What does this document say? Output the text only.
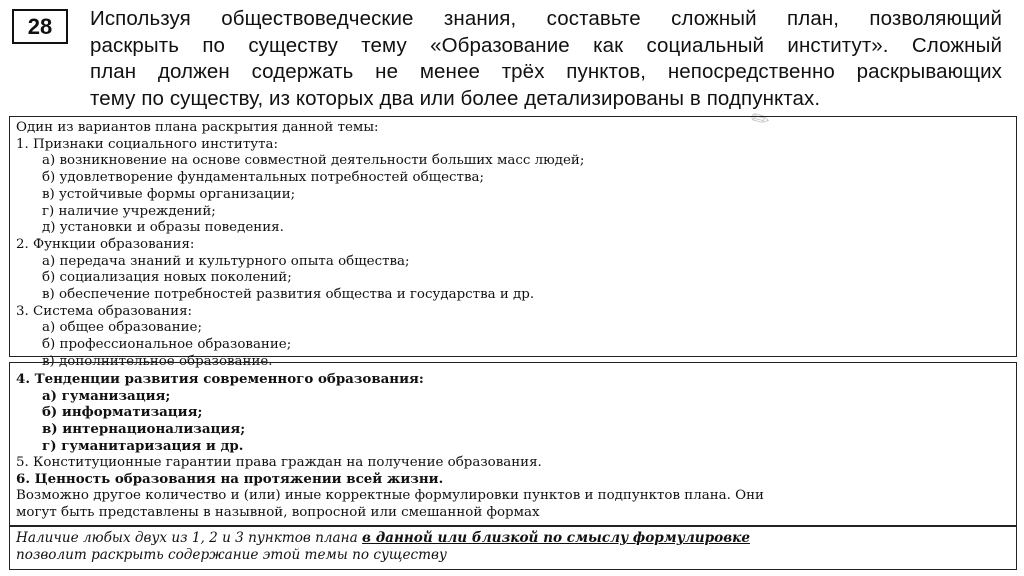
28	Используя обществоведческие знания, составьте сложный план, позволяющий
раскрыть по существу тему «Образование как социальный институт». Сложный
план должен содержать не менее трёх пунктов, непосредственно раскрывающих
тему по существу, из которых два или более детализированы в подпунктах.
✎
Один из вариантов плана раскрытия данной темы:
1. Признаки социального института:
а) возникновение на основе совместной деятельности больших масс людей;
б) удовлетворение фундаментальных потребностей общества;
в) устойчивые формы организации;
г) наличие учреждений;
д) установки и образы поведения.
2. Функции образования:
а) передача знаний и культурного опыта общества;
б) социализация новых поколений;
в) обеспечение потребностей развития общества и государства и др.
3. Система образования:
а) общее образование;
б) профессиональное образование;
в) дополнительное образование.
4. Тенденции развития современного образования:
а) гуманизация;
б) информатизация;
в) интернационализация;
г) гуманитаризация и др.
5. Конституционные гарантии права граждан на получение образования.
6. Ценность образования на протяжении всей жизни.
Возможно другое количество и (или) иные корректные формулировки пунктов и подпунктов плана. Они
могут быть представлены в назывной, вопросной или смешанной формах
Наличие любых двух из 1, 2 и 3 пунктов плана в данной или близкой по смыслу формулировке
позволит раскрыть содержание этой темы по существу
